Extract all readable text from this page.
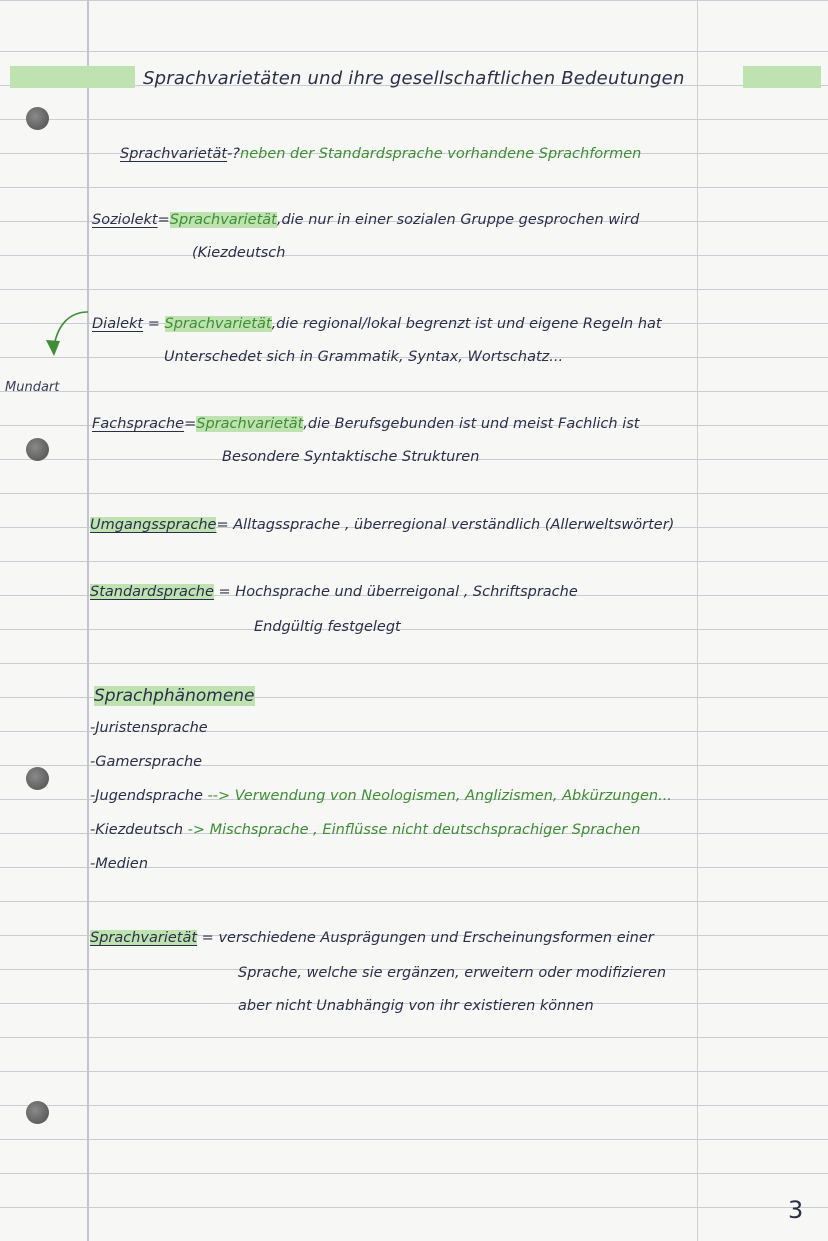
Sprachvarietäten und ihre gesellschaftlichen Bedeutungen
Sprachvarietät-?neben der Standardsprache vorhandene Sprachformen
Soziolekt=Sprachvarietät,die nur in einer sozialen Gruppe gesprochen wird
(Kiezdeutsch
Dialekt = Sprachvarietät,die regional/lokal begrenzt ist und eigene Regeln hat
Unterschedet sich in Grammatik, Syntax, Wortschatz...
Mundart
Fachsprache=Sprachvarietät,die Berufsgebunden ist und meist Fachlich ist
Besondere Syntaktische Strukturen
Umgangssprache= Alltagssprache , überregional verständlich (Allerweltswörter)
Standardsprache = Hochsprache und überreigonal , Schriftsprache
Endgültig festgelegt
Sprachphänomene
-Juristensprache
-Gamersprache
-Jugendsprache --> Verwendung von Neologismen, Anglizismen, Abkürzungen...
-Kiezdeutsch -> Mischsprache , Einflüsse nicht deutschsprachiger Sprachen
-Medien
Sprachvarietät = verschiedene Ausprägungen und Erscheinungsformen einer
Sprache, welche sie ergänzen, erweitern oder modifizieren
aber nicht Unabhängig von ihr existieren können
3
